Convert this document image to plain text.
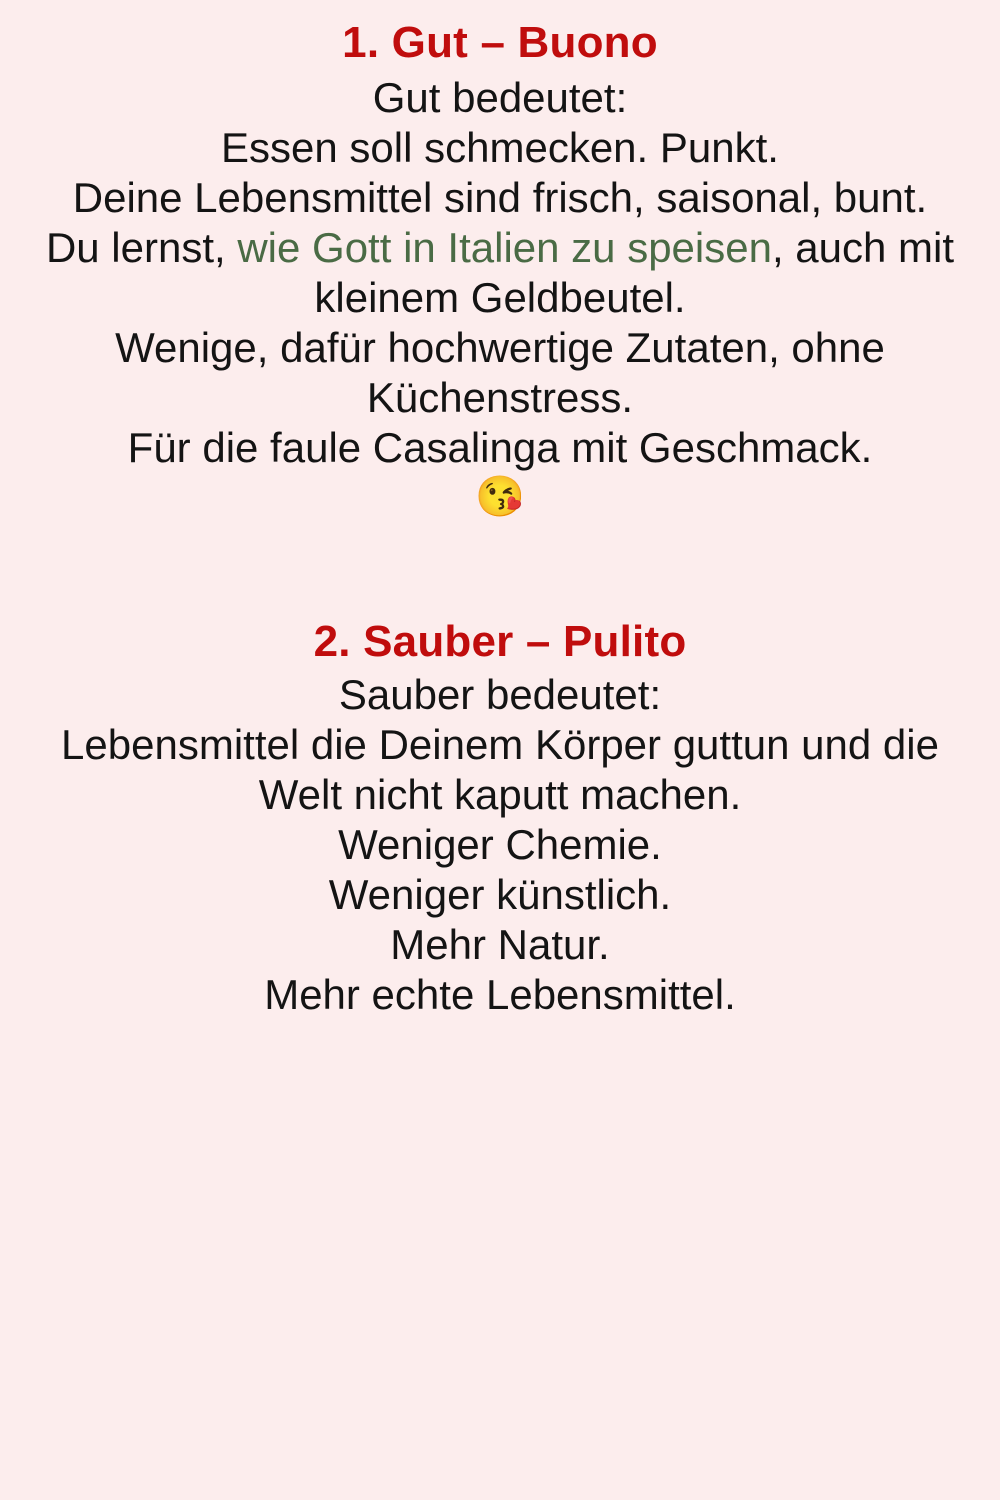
1. Gut – Buono

Gut bedeutet:

Essen soll schmecken. Punkt.

Deine Lebensmittel sind frisch, saisonal, bunt.

Du lernst, wie Gott in Italien zu speisen, auch mit kleinem Geldbeutel.

Wenige, dafür hochwertige Zutaten, ohne Küchenstress.

Für die faule Casalinga mit Geschmack.

😘

2. Sauber – Pulito

Sauber bedeutet:

Lebensmittel die Deinem Körper guttun und die Welt nicht kaputt machen.

Weniger Chemie.

Weniger künstlich.

Mehr Natur.

Mehr echte Lebensmittel.
